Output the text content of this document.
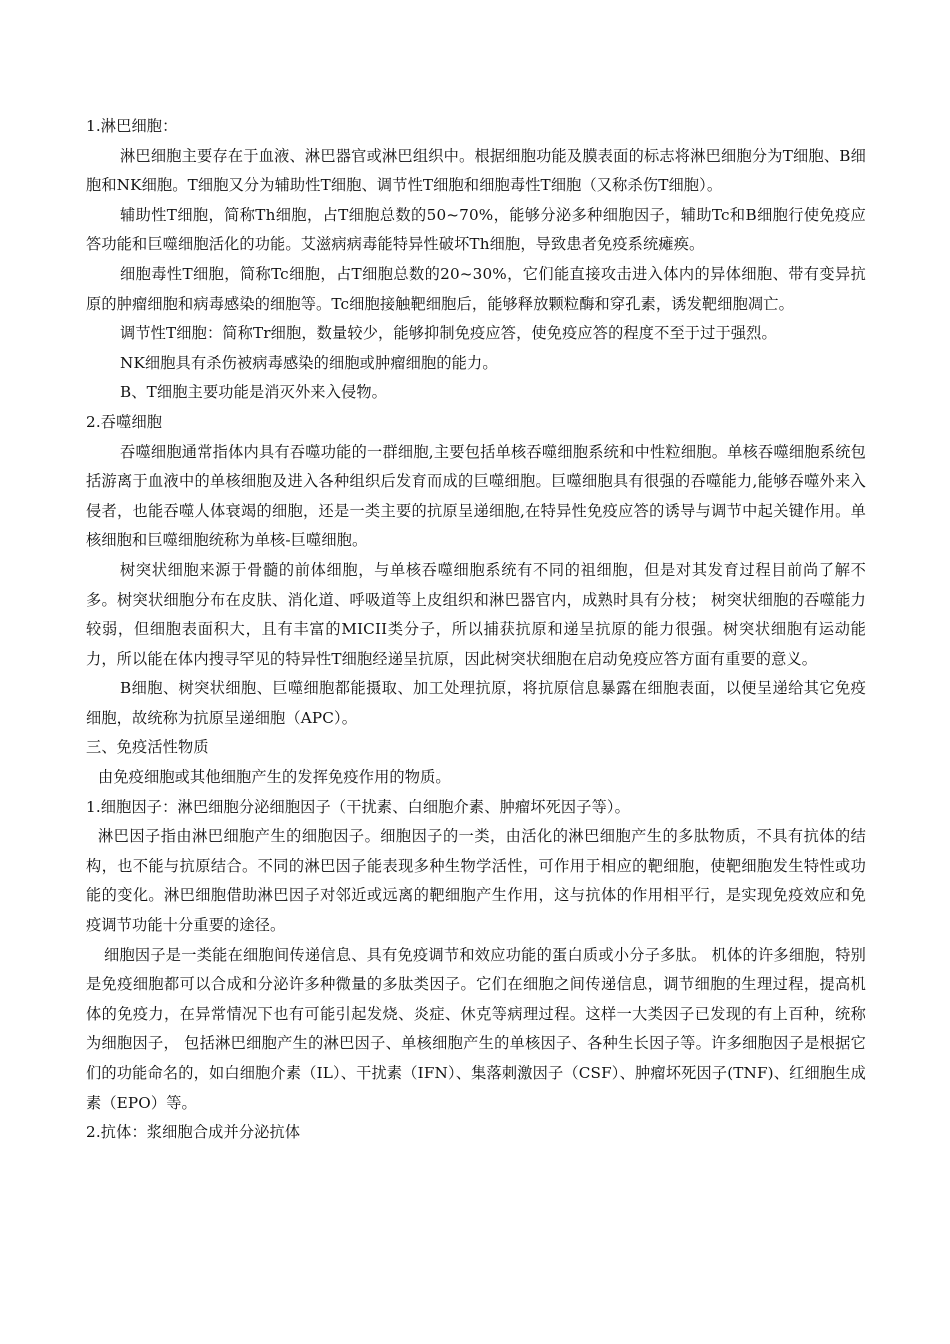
1.淋巴细胞：

淋巴细胞主要存在于血液、淋巴器官或淋巴组织中。根据细胞功能及膜表面的标志将淋巴细胞分为T细胞、B细胞和NK细胞。T细胞又分为辅助性T细胞、调节性T细胞和细胞毒性T细胞（又称杀伤T细胞）。

辅助性T细胞，简称Th细胞，占T细胞总数的50~70%，能够分泌多种细胞因子，辅助Tc和B细胞行使免疫应答功能和巨噬细胞活化的功能。艾滋病病毒能特异性破坏Th细胞，导致患者免疫系统瘫痪。

细胞毒性T细胞，简称Tc细胞，占T细胞总数的20~30%，它们能直接攻击进入体内的异体细胞、带有变异抗原的肿瘤细胞和病毒感染的细胞等。Tc细胞接触靶细胞后，能够释放颗粒酶和穿孔素，诱发靶细胞凋亡。

调节性T细胞：简称Tr细胞，数量较少，能够抑制免疫应答，使免疫应答的程度不至于过于强烈。

NK细胞具有杀伤被病毒感染的细胞或肿瘤细胞的能力。

B、T细胞主要功能是消灭外来入侵物。

2.吞噬细胞

吞噬细胞通常指体内具有吞噬功能的一群细胞,主要包括单核吞噬细胞系统和中性粒细胞。单核吞噬细胞系统包括游离于血液中的单核细胞及进入各种组织后发育而成的巨噬细胞。巨噬细胞具有很强的吞噬能力,能够吞噬外来入侵者，也能吞噬人体衰竭的细胞，还是一类主要的抗原呈递细胞,在特异性免疫应答的诱导与调节中起关键作用。单核细胞和巨噬细胞统称为单核-巨噬细胞。

树突状细胞来源于骨髓的前体细胞，与单核吞噬细胞系统有不同的祖细胞，但是对其发育过程目前尚了解不多。树突状细胞分布在皮肤、消化道、呼吸道等上皮组织和淋巴器官内，成熟时具有分枝； 树突状细胞的吞噬能力较弱，但细胞表面积大，且有丰富的MICII类分子，所以捕获抗原和递呈抗原的能力很强。树突状细胞有运动能力，所以能在体内搜寻罕见的特异性T细胞经递呈抗原，因此树突状细胞在启动免疫应答方面有重要的意义。

B细胞、树突状细胞、巨噬细胞都能摄取、加工处理抗原，将抗原信息暴露在细胞表面，以便呈递给其它免疫细胞，故统称为抗原呈递细胞（APC）。

三、免疫活性物质

由免疫细胞或其他细胞产生的发挥免疫作用的物质。

1.细胞因子：淋巴细胞分泌细胞因子（干扰素、白细胞介素、肿瘤坏死因子等）。

淋巴因子指由淋巴细胞产生的细胞因子。细胞因子的一类，由活化的淋巴细胞产生的多肽物质，不具有抗体的结构，也不能与抗原结合。不同的淋巴因子能表现多种生物学活性，可作用于相应的靶细胞，使靶细胞发生特性或功能的变化。淋巴细胞借助淋巴因子对邻近或远离的靶细胞产生作用，这与抗体的作用相平行，是实现免疫效应和免疫调节功能十分重要的途径。

细胞因子是一类能在细胞间传递信息、具有免疫调节和效应功能的蛋白质或小分子多肽。 机体的许多细胞，特别是免疫细胞都可以合成和分泌许多种微量的多肽类因子。它们在细胞之间传递信息，调节细胞的生理过程，提高机体的免疫力，在异常情况下也有可能引起发烧、炎症、休克等病理过程。这样一大类因子已发现的有上百种，统称为细胞因子， 包括淋巴细胞产生的淋巴因子、单核细胞产生的单核因子、各种生长因子等。许多细胞因子是根据它们的功能命名的，如白细胞介素（IL）、干扰素（IFN）、集落刺激因子（CSF）、肿瘤坏死因子(TNF)、红细胞生成素（EPO）等。

2.抗体：浆细胞合成并分泌抗体
